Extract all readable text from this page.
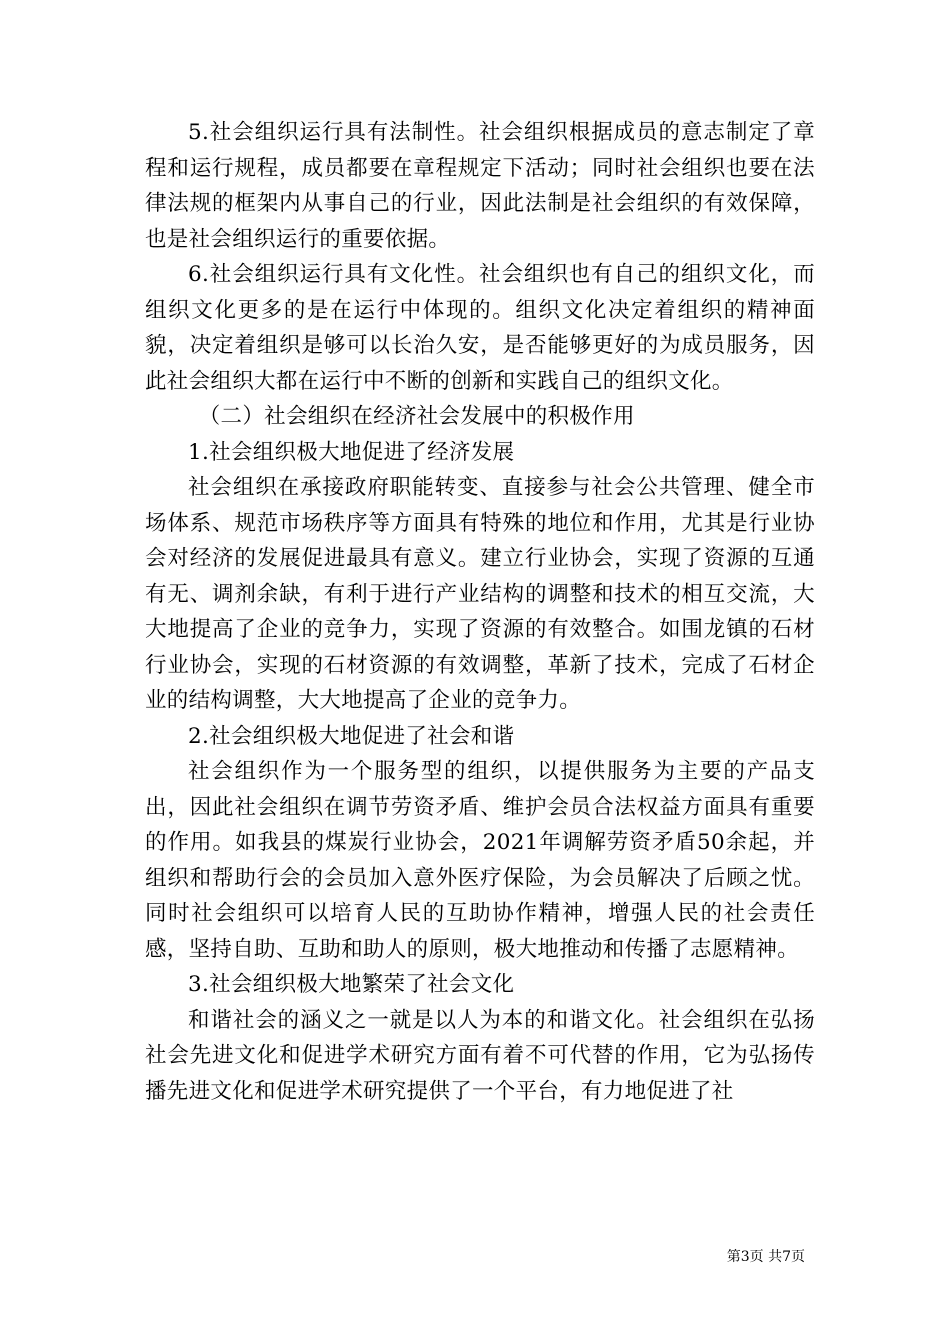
5.社会组织运行具有法制性。社会组织根据成员的意志制定了章程和运行规程，成员都要在章程规定下活动；同时社会组织也要在法律法规的框架内从事自己的行业，因此法制是社会组织的有效保障，也是社会组织运行的重要依据。

6.社会组织运行具有文化性。社会组织也有自己的组织文化，而组织文化更多的是在运行中体现的。组织文化决定着组织的精神面貌，决定着组织是够可以长治久安，是否能够更好的为成员服务，因此社会组织大都在运行中不断的创新和实践自己的组织文化。

（二）社会组织在经济社会发展中的积极作用

1.社会组织极大地促进了经济发展

社会组织在承接政府职能转变、直接参与社会公共管理、健全市场体系、规范市场秩序等方面具有特殊的地位和作用，尤其是行业协会对经济的发展促进最具有意义。建立行业协会，实现了资源的互通有无、调剂余缺，有利于进行产业结构的调整和技术的相互交流，大大地提高了企业的竞争力，实现了资源的有效整合。如围龙镇的石材行业协会，实现的石材资源的有效调整，革新了技术，完成了石材企业的结构调整，大大地提高了企业的竞争力。

2.社会组织极大地促进了社会和谐

社会组织作为一个服务型的组织，以提供服务为主要的产品支出，因此社会组织在调节劳资矛盾、维护会员合法权益方面具有重要的作用。如我县的煤炭行业协会，2021年调解劳资矛盾50余起，并组织和帮助行会的会员加入意外医疗保险，为会员解决了后顾之忧。同时社会组织可以培育人民的互助协作精神，增强人民的社会责任感，坚持自助、互助和助人的原则，极大地推动和传播了志愿精神。

3.社会组织极大地繁荣了社会文化

和谐社会的涵义之一就是以人为本的和谐文化。社会组织在弘扬社会先进文化和促进学术研究方面有着不可代替的作用，它为弘扬传播先进文化和促进学术研究提供了一个平台，有力地促进了社

第3页 共7页
